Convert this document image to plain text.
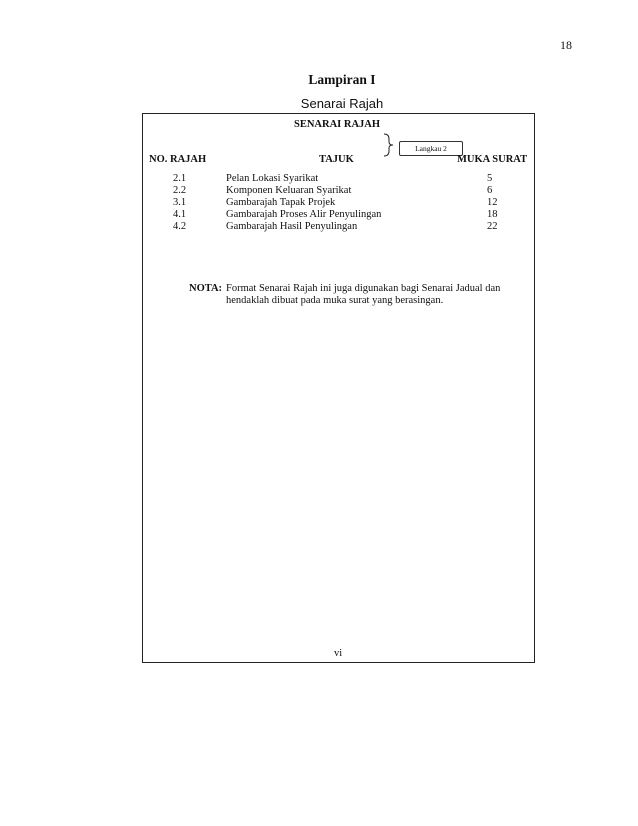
18
Lampiran I
Senarai Rajah
SENARAI RAJAH
Langkau 2
NO. RAJAH	TAJUK	MUKA SURAT
2.1	Pelan Lokasi Syarikat	5
2.2	Komponen Keluaran Syarikat	6
3.1	Gambarajah Tapak Projek	12
4.1	Gambarajah Proses Alir Penyulingan	18
4.2	Gambarajah Hasil Penyulingan	22
NOTA: Format Senarai Rajah ini juga digunakan bagi Senarai Jadual dan hendaklah dibuat pada muka surat yang berasingan.
vi
